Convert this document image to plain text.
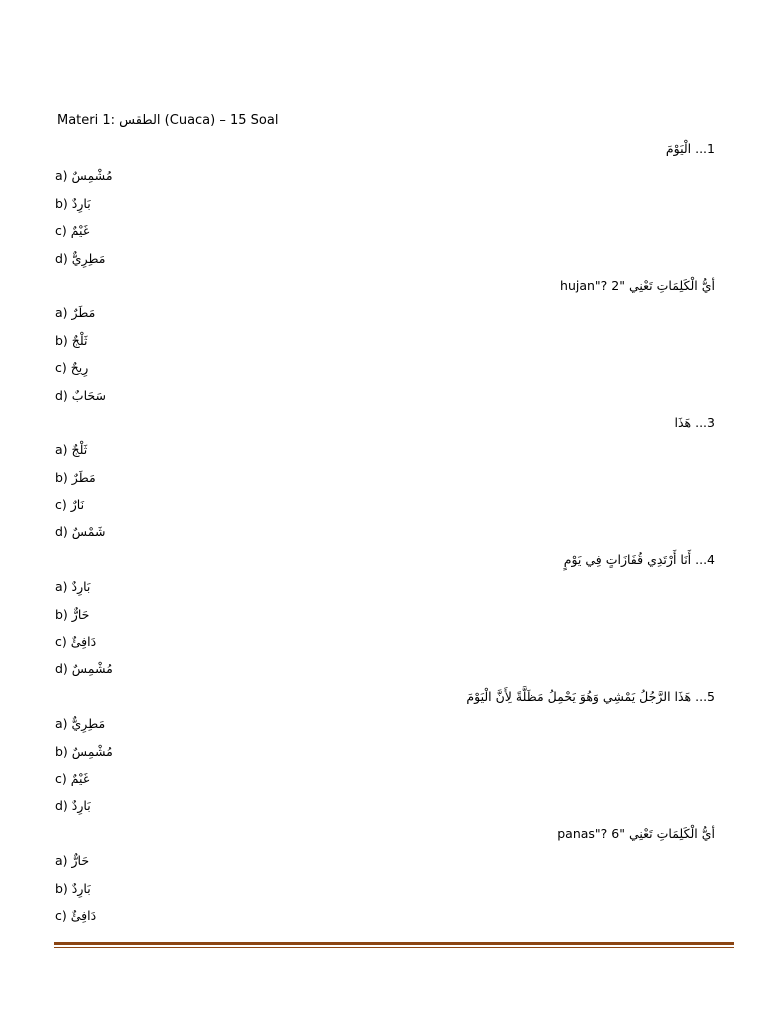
Materi 1: الطقس (Cuaca) – 15 Soal
1... الْيَوْمَ
a) مُشْمِسٌ
b) بَارِدٌ
c) غَيْمٌ
d) مَطِرِيٌّ
أيُّ الْكَلِمَاتِ تَعْنِي "hujan"? 2
a) مَطَرٌ
b) ثَلْجٌ
c) رِيحٌ
d) سَحَابٌ
3... هَذَا
a) ثَلْجٌ
b) مَطَرٌ
c) نَارٌ
d) شَمْسٌ
4... أَنَا أَرْتَدِي قُفَازَاتٍ فِي يَوْمٍ
a) بَارِدٌ
b) حَارٌّ
c) دَافِئٌ
d) مُشْمِسٌ
5... هَذَا الرَّجُلُ يَمْشِي وَهُوَ يَحْمِلُ مَظَلَّةً لِأَنَّ الْيَوْمَ
a) مَطِرِيٌّ
b) مُشْمِسٌ
c) غَيْمٌ
d) بَارِدٌ
أيُّ الْكَلِمَاتِ تَعْنِي "panas"? 6
a) حَارٌّ
b) بَارِدٌ
c) دَافِئٌ
